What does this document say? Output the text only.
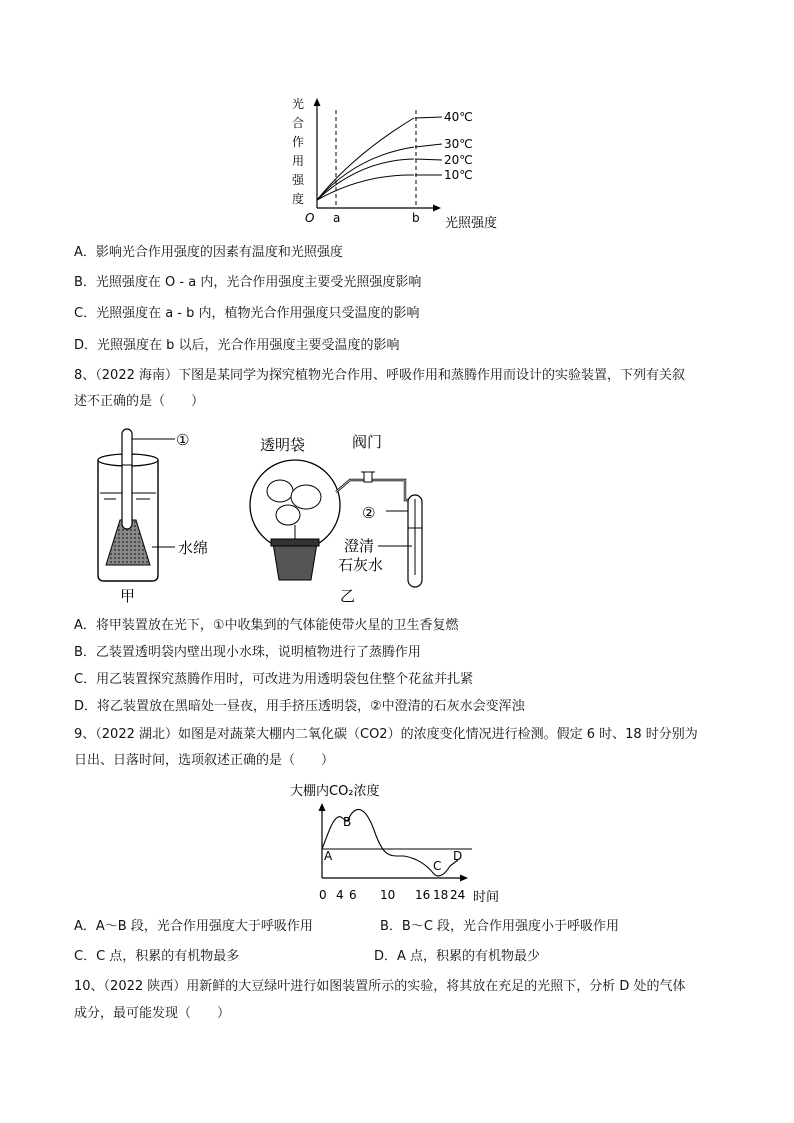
光
合
作
用
强
度
O a	b 光照强度
40℃
30℃
20℃
10℃
A．影响光合作用强度的因素有温度和光照强度
B．光照强度在 O - a 内，光合作用强度主要受光照强度影响
C．光照强度在 a - b 内，植物光合作用强度只受温度的影响
D．光照强度在 b 以后，光合作用强度主要受温度的影响
8、（2022 海南）下图是某同学为探究植物光合作用、呼吸作用和蒸腾作用而设计的实验装置，下列有关叙
述不正确的是（　　）
①
水绵
甲
透明袋	阀门
②
澄清
石灰水
乙
A．将甲装置放在光下，①中收集到的气体能使带火星的卫生香复燃
B．乙装置透明袋内壁出现小水珠，说明植物进行了蒸腾作用
C．用乙装置探究蒸腾作用时，可改进为用透明袋包住整个花盆并扎紧
D．将乙装置放在黑暗处一昼夜，用手挤压透明袋，②中澄清的石灰水会变浑浊
9、（2022 湖北）如图是对蔬菜大棚内二氧化碳（CO2）的浓度变化情况进行检测。假定 6 时、18 时分别为
日出、日落时间，选项叙述正确的是（　　）
大棚内CO₂浓度
A
B
C
D
0 4 6 10 16 18 24 时间
A．A～B 段，光合作用强度大于呼吸作用	B．B～C 段，光合作用强度小于呼吸作用
C．C 点，积累的有机物最多	D．A 点，积累的有机物最少
10、（2022 陕西）用新鲜的大豆绿叶进行如图装置所示的实验，将其放在充足的光照下，分析 D 处的气体
成分，最可能发现（　　）
